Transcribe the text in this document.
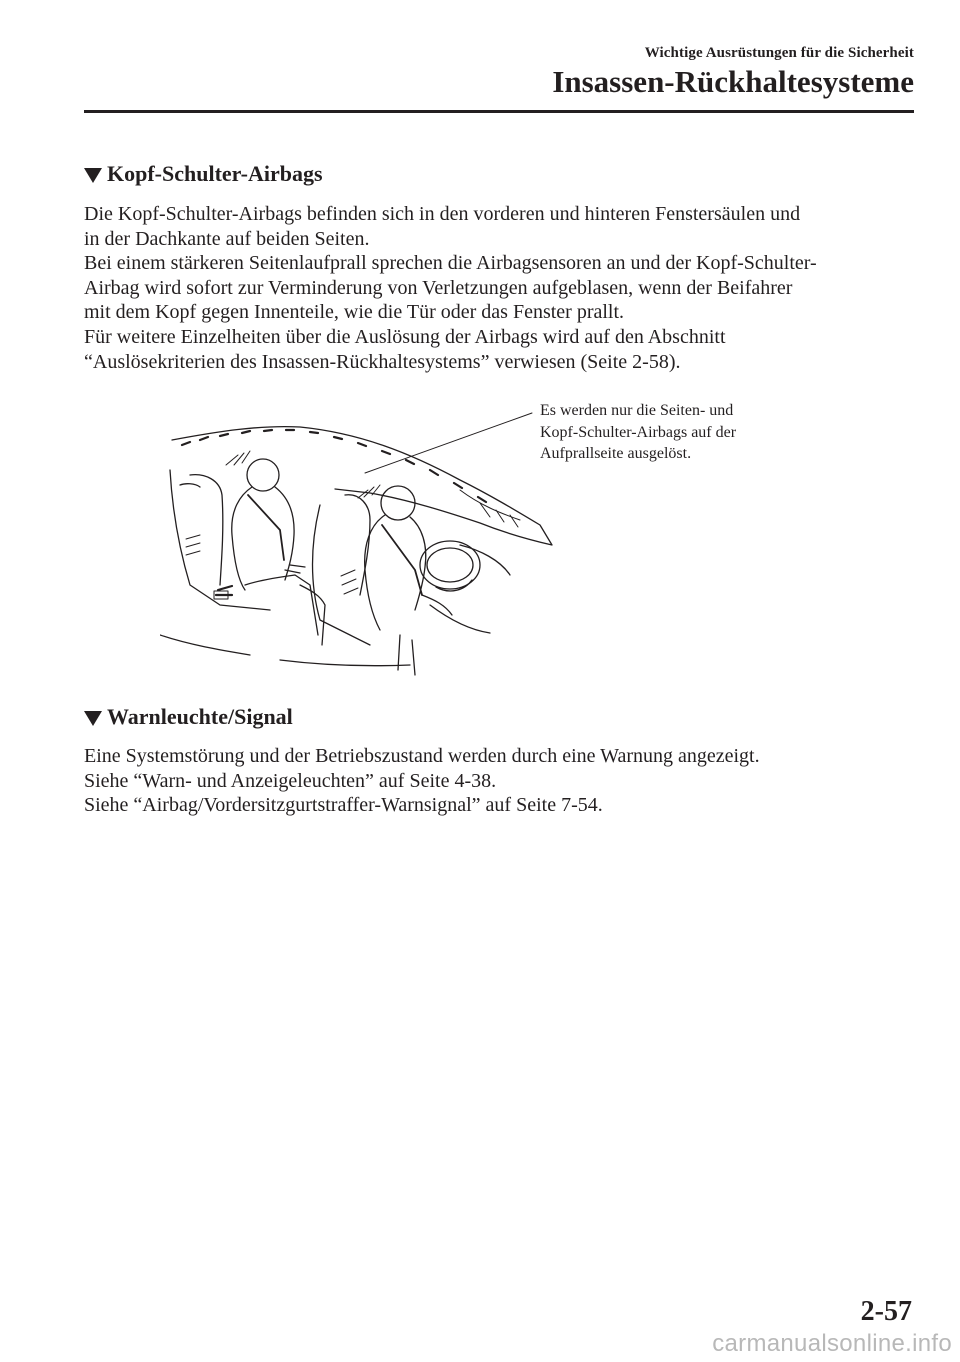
Wichtige Ausrüstungen für die Sicherheit
Insassen-Rückhaltesysteme
Kopf-Schulter-Airbags

Die Kopf-Schulter-Airbags befinden sich in den vorderen und hinteren Fenstersäulen und

in der Dachkante auf beiden Seiten.

Bei einem stärkeren Seitenlaufprall sprechen die Airbagsensoren an und der Kopf-Schulter-

Airbag wird sofort zur Verminderung von Verletzungen aufgeblasen, wenn der Beifahrer

mit dem Kopf gegen Innenteile, wie die Tür oder das Fenster prallt.

Für weitere Einzelheiten über die Auslösung der Airbags wird auf den Abschnitt

“Auslösekriterien des Insassen-Rückhaltesystems” verwiesen (Seite 2-58).

Es werden nur die Seiten- und

Kopf-Schulter-Airbags auf der

Aufprallseite ausgelöst.

Warnleuchte/Signal

Eine Systemstörung und der Betriebszustand werden durch eine Warnung angezeigt.

Siehe “Warn- und Anzeigeleuchten” auf Seite 4-38.

Siehe “Airbag/Vordersitzgurtstraffer-Warnsignal” auf Seite 7-54.

2-57
carmanualsonline.info
